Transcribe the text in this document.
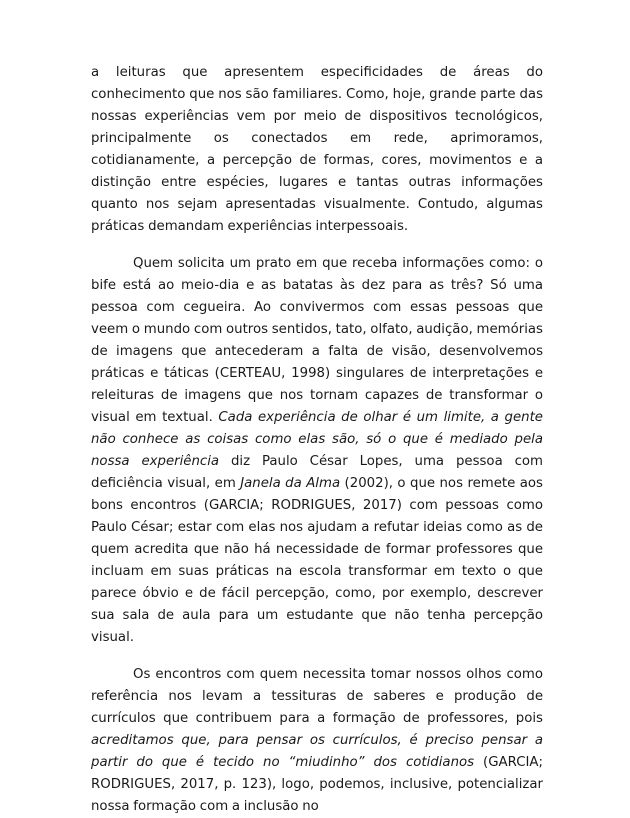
a leituras que apresentem especificidades de áreas do conhecimento que nos são familiares. Como, hoje, grande parte das nossas experiências vem por meio de dispositivos tecnológicos, principalmente os conectados em rede, aprimoramos, cotidianamente, a percepção de formas, cores, movimentos e a distinção entre espécies, lugares e tantas outras informações quanto nos sejam apresentadas visualmente. Contudo, algumas práticas demandam experiências interpessoais.

Quem solicita um prato em que receba informações como: o bife está ao meio-dia e as batatas às dez para as três? Só uma pessoa com cegueira. Ao convivermos com essas pessoas que veem o mundo com outros sentidos, tato, olfato, audição, memórias de imagens que antecederam a falta de visão, desenvolvemos práticas e táticas (CERTEAU, 1998) singulares de interpretações e releituras de imagens que nos tornam capazes de transformar o visual em textual. Cada experiência de olhar é um limite, a gente não conhece as coisas como elas são, só o que é mediado pela nossa experiência diz Paulo César Lopes, uma pessoa com deficiência visual, em Janela da Alma (2002), o que nos remete aos bons encontros (GARCIA; RODRIGUES, 2017) com pessoas como Paulo César; estar com elas nos ajudam a refutar ideias como as de quem acredita que não há necessidade de formar professores que incluam em suas práticas na escola transformar em texto o que parece óbvio e de fácil percepção, como, por exemplo, descrever sua sala de aula para um estudante que não tenha percepção visual.

Os encontros com quem necessita tomar nossos olhos como referência nos levam a tessituras de saberes e produção de currículos que contribuem para a formação de professores, pois acreditamos que, para pensar os currículos, é preciso pensar a partir do que é tecido no “miudinho” dos cotidianos (GARCIA; RODRIGUES, 2017, p. 123), logo, podemos, inclusive, potencializar nossa formação com a inclusão no
